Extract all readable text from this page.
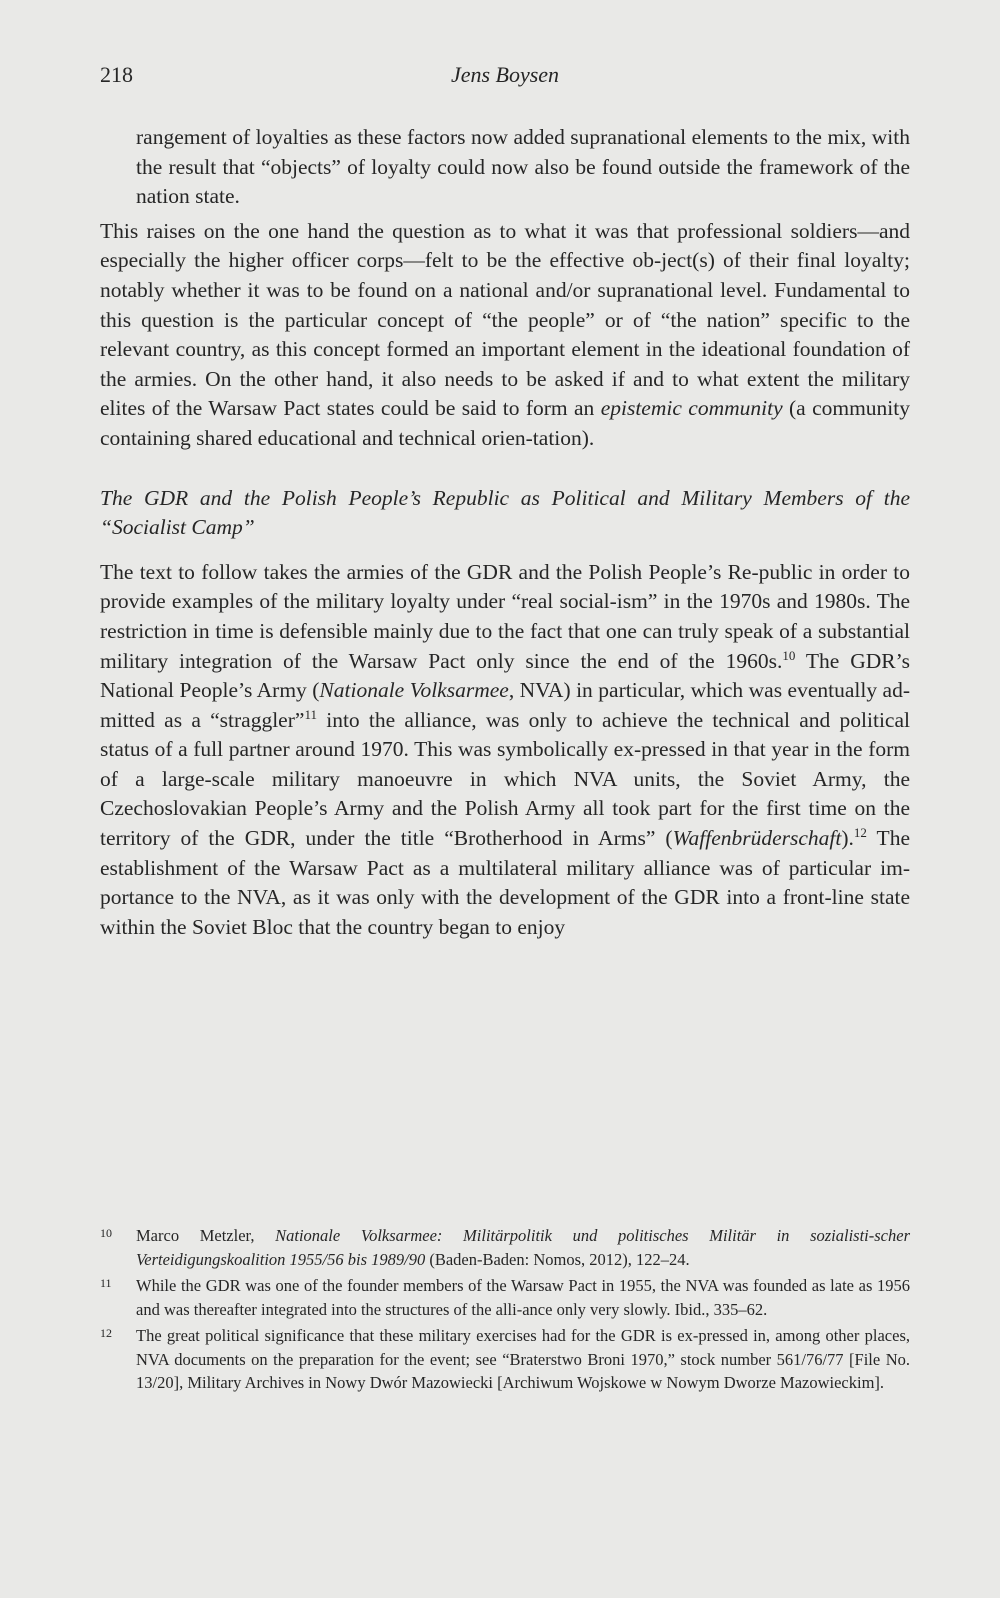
218	Jens Boysen

rangement of loyalties as these factors now added supranational elements to the mix, with the result that “objects” of loyalty could now also be found outside the framework of the nation state.

This raises on the one hand the question as to what it was that professional soldiers—and especially the higher officer corps—felt to be the effective ob-ject(s) of their final loyalty; notably whether it was to be found on a national and/or supranational level. Fundamental to this question is the particular concept of “the people” or of “the nation” specific to the relevant country, as this concept formed an important element in the ideational foundation of the armies. On the other hand, it also needs to be asked if and to what extent the military elites of the Warsaw Pact states could be said to form an epistemic community (a community containing shared educational and technical orien-tation).

The GDR and the Polish People’s Republic as Political and Military Members of the “Socialist Camp”

The text to follow takes the armies of the GDR and the Polish People’s Re-public in order to provide examples of the military loyalty under “real social-ism” in the 1970s and 1980s. The restriction in time is defensible mainly due to the fact that one can truly speak of a substantial military integration of the Warsaw Pact only since the end of the 1960s.$^{10}$ The GDR’s National People’s Army (Nationale Volksarmee, NVA) in particular, which was eventually ad-mitted as a “straggler”$^{11}$ into the alliance, was only to achieve the technical and political status of a full partner around 1970. This was symbolically ex-pressed in that year in the form of a large-scale military manoeuvre in which NVA units, the Soviet Army, the Czechoslovakian People’s Army and the Polish Army all took part for the first time on the territory of the GDR, under the title “Brotherhood in Arms” (Waffenbrüderschaft).$^{12}$ The establishment of the Warsaw Pact as a multilateral military alliance was of particular im-portance to the NVA, as it was only with the development of the GDR into a front-line state within the Soviet Bloc that the country began to enjoy

10	Marco Metzler, Nationale Volksarmee: Militärpolitik und politisches Militär in sozialisti-scher Verteidigungskoalition 1955/56 bis 1989/90 (Baden-Baden: Nomos, 2012), 122–24.
11	While the GDR was one of the founder members of the Warsaw Pact in 1955, the NVA was founded as late as 1956 and was thereafter integrated into the structures of the alli-ance only very slowly. Ibid., 335–62.
12	The great political significance that these military exercises had for the GDR is ex-pressed in, among other places, NVA documents on the preparation for the event; see “Braterstwo Broni 1970,” stock number 561/76/77 [File No. 13/20], Military Archives in Nowy Dwór Mazowiecki [Archiwum Wojskowe w Nowym Dworze Mazowieckim].
